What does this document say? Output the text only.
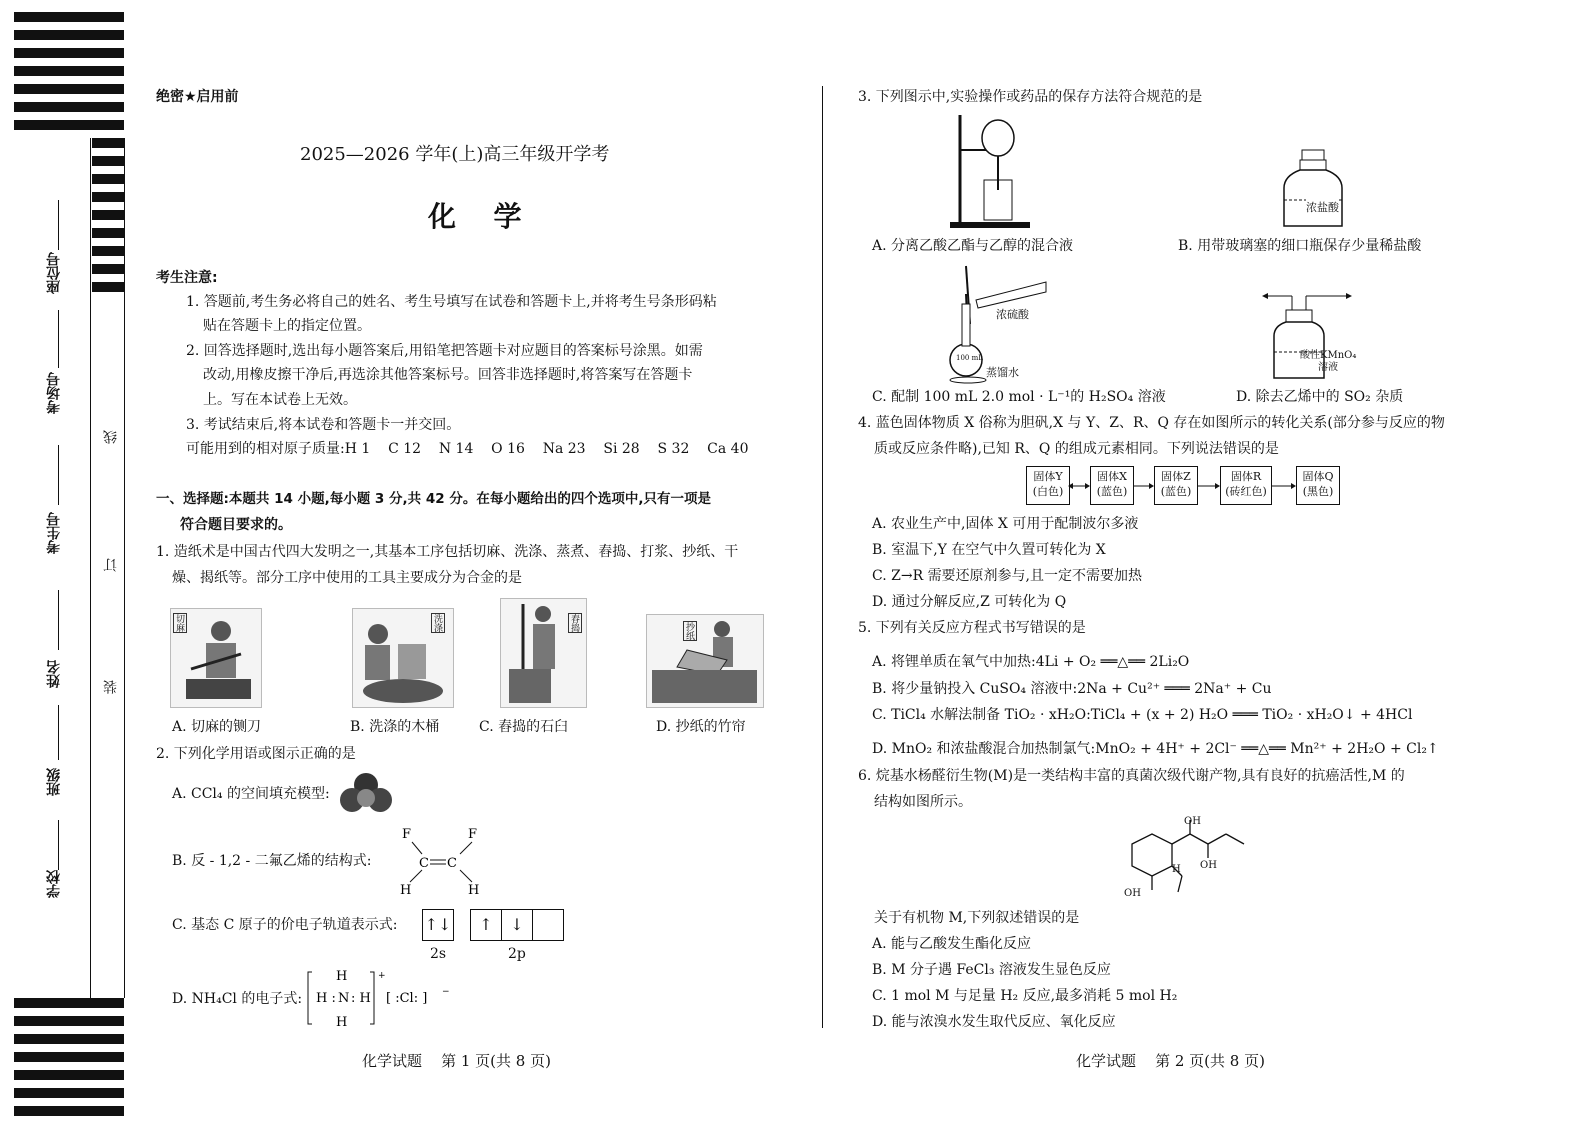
学校
班级
姓名
考生号
考场号
座位号
线
订
装
绝密★启用前
2025—2026 学年(上)高三年级开学考
化  学
考生注意:
1. 答题前,考生务必将自己的姓名、考生号填写在试卷和答题卡上,并将考生号条形码粘
贴在答题卡上的指定位置。
2. 回答选择题时,选出每小题答案后,用铅笔把答题卡对应题目的答案标号涂黑。如需
改动,用橡皮擦干净后,再选涂其他答案标号。回答非选择题时,将答案写在答题卡
上。写在本试卷上无效。
3. 考试结束后,将本试卷和答题卡一并交回。
可能用到的相对原子质量:H 1    C 12    N 14    O 16    Na 23    Si 28    S 32    Ca 40
一、选择题:本题共 14 小题,每小题 3 分,共 42 分。在每小题给出的四个选项中,只有一项是
符合题目要求的。
1. 造纸术是中国古代四大发明之一,其基本工序包括切麻、洗涤、蒸煮、舂捣、打浆、抄纸、干
燥、揭纸等。部分工序中使用的工具主要成分为合金的是
切麻	洗涤	舂捣	抄纸
A. 切麻的铡刀	B. 洗涤的木桶	C. 舂捣的石臼	D. 抄纸的竹帘
2. 下列化学用语或图示正确的是
A. CCl₄ 的空间填充模型:
B. 反 - 1,2 - 二氟乙烯的结构式:
F	F
H	H
C C
C. 基态 C 原子的价电子轨道表示式: ↑↓	↑	↓
2s	2p
D. NH₄Cl 的电子式:
+
H
H : N : H
H
[ :Cl: ] −
化学试题    第 1 页(共 8 页)
3. 下列图示中,实验操作或药品的保存方法符合规范的是
浓盐酸
A. 分离乙酸乙酯与乙醇的混合液	B. 用带玻璃塞的细口瓶保存少量稀盐酸
浓硫酸
蒸馏水
100 mL	酸性KMnO₄
溶液
C. 配制 100 mL 2.0 mol · L⁻¹的 H₂SO₄ 溶液	D. 除去乙烯中的 SO₂ 杂质
4. 蓝色固体物质 X 俗称为胆矾,X 与 Y、Z、R、Q 存在如图所示的转化关系(部分参与反应的物
质或反应条件略),已知 R、Q 的组成元素相同。下列说法错误的是
固体Y
(白色)
固体X
(蓝色)
固体Z
(蓝色)
固体R
(砖红色)
固体Q
(黑色)
A. 农业生产中,固体 X 可用于配制波尔多液
B. 室温下,Y 在空气中久置可转化为 X
C. Z→R 需要还原剂参与,且一定不需要加热
D. 通过分解反应,Z 可转化为 Q
5. 下列有关反应方程式书写错误的是
A. 将锂单质在氧气中加热:4Li + O₂ ══△══ 2Li₂O
B. 将少量钠投入 CuSO₄ 溶液中:2Na + Cu²⁺ ═══ 2Na⁺ + Cu
C. TiCl₄ 水解法制备 TiO₂ · xH₂O:TiCl₄ + (x + 2) H₂O ═══ TiO₂ · xH₂O↓ + 4HCl
D. MnO₂ 和浓盐酸混合加热制氯气:MnO₂ + 4H⁺ + 2Cl⁻ ══△══ Mn²⁺ + 2H₂O + Cl₂↑
6. 烷基水杨醛衍生物(M)是一类结构丰富的真菌次级代谢产物,具有良好的抗癌活性,M 的
结构如图所示。
OH
OH
H
OH
关于有机物 M,下列叙述错误的是
A. 能与乙酸发生酯化反应
B. M 分子遇 FeCl₃ 溶液发生显色反应
C. 1 mol M 与足量 H₂ 反应,最多消耗 5 mol H₂
D. 能与浓溴水发生取代反应、氧化反应
化学试题    第 2 页(共 8 页)
